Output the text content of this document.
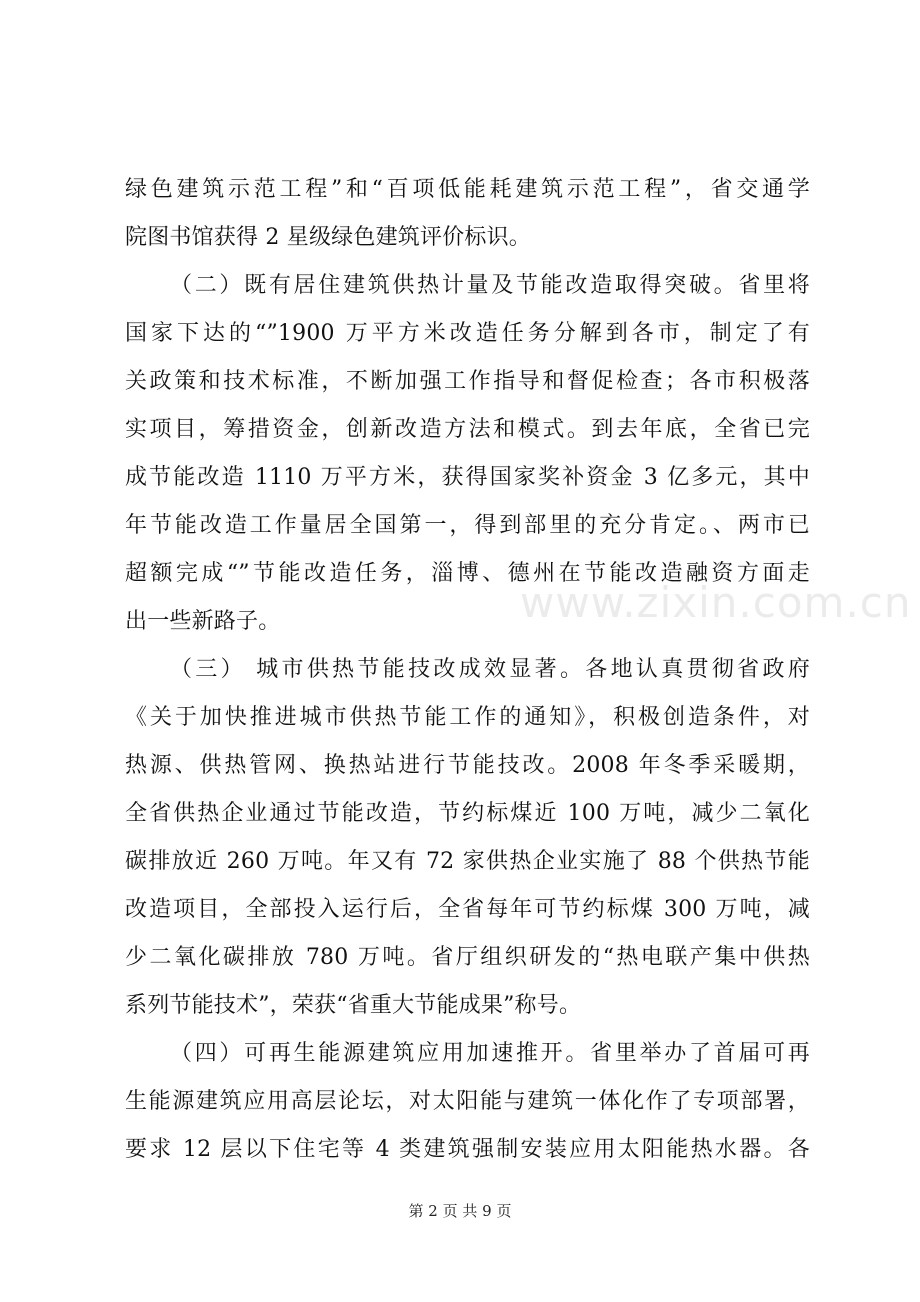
绿色建筑示范工程”和“百项低能耗建筑示范工程”，省交通学
院图书馆获得 2 星级绿色建筑评价标识。
（二）既有居住建筑供热计量及节能改造取得突破。省里将
国家下达的“”1900 万平方米改造任务分解到各市，制定了有
关政策和技术标准，不断加强工作指导和督促检查；各市积极落
实项目，筹措资金，创新改造方法和模式。到去年底，全省已完
成节能改造 1110 万平方米，获得国家奖补资金 3 亿多元，其中
年节能改造工作量居全国第一，得到部里的充分肯定。、两市已
超额完成“”节能改造任务，淄博、德州在节能改造融资方面走
出一些新路子。
（三） 城市供热节能技改成效显著。各地认真贯彻省政府
《关于加快推进城市供热节能工作的通知》，积极创造条件，对
热源、供热管网、换热站进行节能技改。2008 年冬季采暖期，
全省供热企业通过节能改造，节约标煤近 100 万吨，减少二氧化
碳排放近 260 万吨。年又有 72 家供热企业实施了 88 个供热节能
改造项目，全部投入运行后，全省每年可节约标煤 300 万吨，减
少二氧化碳排放 780 万吨。省厅组织研发的“热电联产集中供热
系列节能技术”，荣获“省重大节能成果”称号。
（四）可再生能源建筑应用加速推开。省里举办了首届可再
生能源建筑应用高层论坛，对太阳能与建筑一体化作了专项部署，
要求 12 层以下住宅等 4 类建筑强制安装应用太阳能热水器。各
www.zixin.com.cn
第 2 页 共 9 页
